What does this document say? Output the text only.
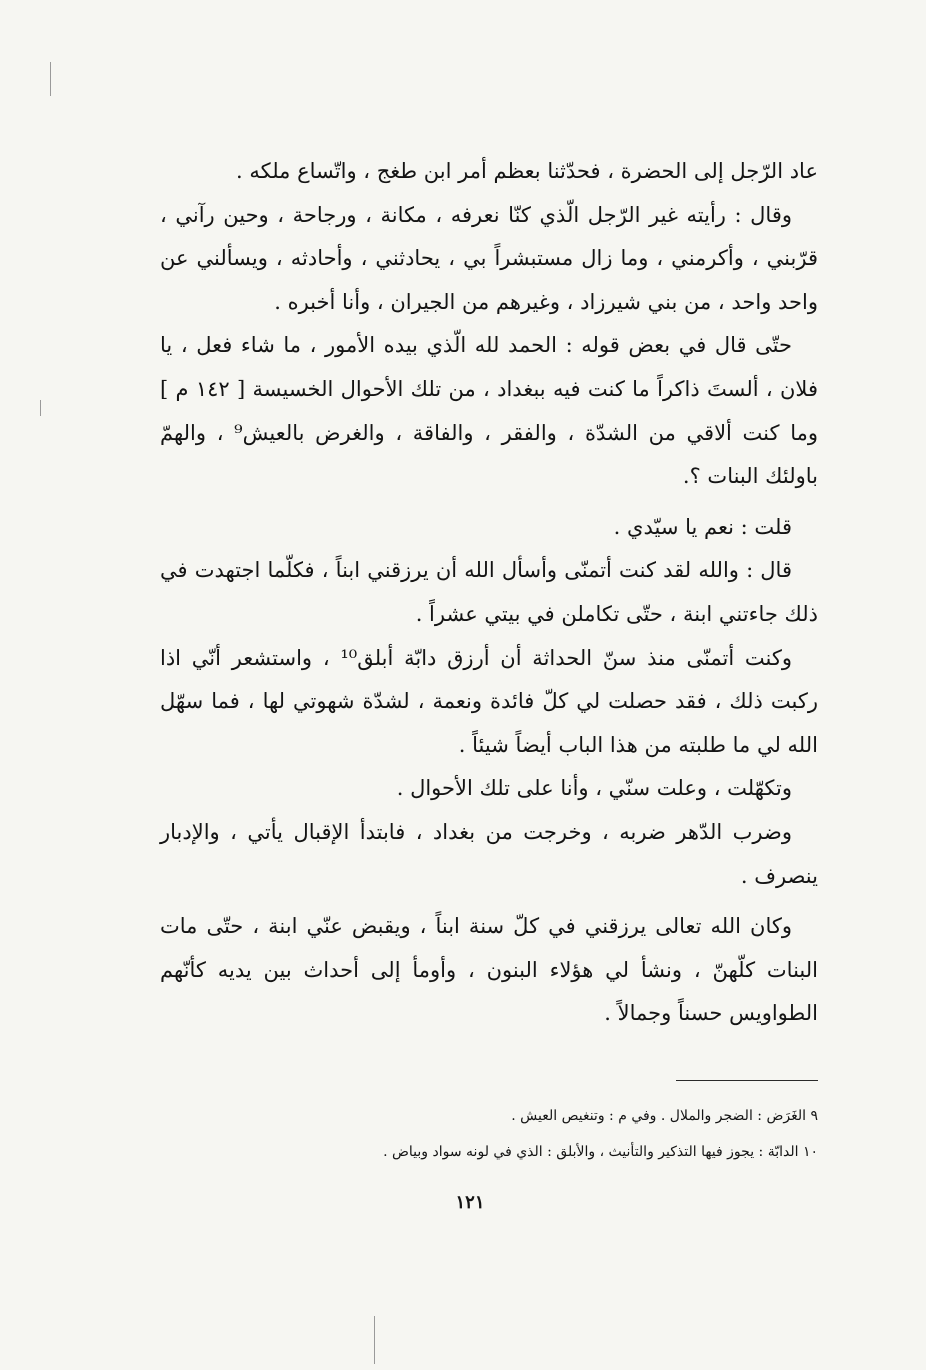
عاد الرّجل إلى الحضرة ، فحدّثنا بعظم أمر ابن طغج ، واتّساع ملكه .

وقال : رأيته غير الرّجل الّذي كنّا نعرفه ، مكانة ، ورجاحة ، وحين رآني ، قرّبني ، وأكرمني ، وما زال مستبشراً بي ، يحادثني ، وأحادثه ، ويسألني عن واحد واحد ، من بني شيرزاد ، وغيرهم من الجيران ، وأنا أخبره .

حتّى قال في بعض قوله : الحمد لله الّذي بيده الأمور ، ما شاء فعل ، يا فلان ، ألستَ ذاكراً ما كنت فيه ببغداد ، من تلك الأحوال الخسيسة [ ١٤٢ م ] وما كنت ألاقي من الشدّة ، والفقر ، والفاقة ، والغرض بالعيش⁹ ، والهمّ باولئك البنات ؟.

قلت : نعم يا سيّدي .

قال : والله لقد كنت أتمنّى وأسأل الله أن يرزقني ابناً ، فكلّما اجتهدت في ذلك جاءتني ابنة ، حتّى تكاملن في بيتي عشراً .

وكنت أتمنّى منذ سنّ الحداثة أن أرزق دابّة أبلق¹⁰ ، واستشعر أنّي اذا ركبت ذلك ، فقد حصلت لي كلّ فائدة ونعمة ، لشدّة شهوتي لها ، فما سهّل الله لي ما طلبته من هذا الباب أيضاً شيئاً .

وتكهّلت ، وعلت سنّي ، وأنا على تلك الأحوال .

وضرب الدّهر ضربه ، وخرجت من بغداد ، فابتدأ الإقبال يأتي ، والإدبار ينصرف .

وكان الله تعالى يرزقني في كلّ سنة ابناً ، ويقبض عنّي ابنة ، حتّى مات البنات كلّهنّ ، ونشأ لي هؤلاء البنون ، وأومأ إلى أحداث بين يديه كأنّهم الطواويس حسناً وجمالاً .

٩ الغَرَض : الضجر والملال . وفي م : وتنغيص العيش .

١٠ الدابّة : يجوز فيها التذكير والتأنيث ، والأبلق : الذي في لونه سواد وبياض .

١٢١
